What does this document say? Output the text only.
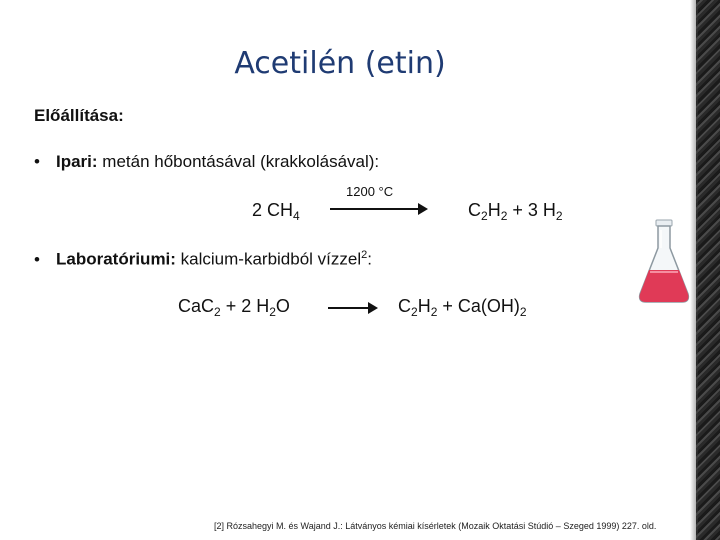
Acetilén (etin)
Előállítása:
• Ipari: metán hőbontásával (krakkolásával):
2 $CH_4$
1200 °C
$C_2H_2 + 3$ $H_2$
• Laboratóriumi: kalcium-karbidból vízzel$^2$:
CaC$_2$ + 2 $H_2O \to C_2H_2 + Ca(OH)_2$
[2] Rózsahegyi M. és Wajand J.: Látványos kémiai kísérletek (Mozaik Oktatási Stúdió – Szeged 1999) 227. old.
